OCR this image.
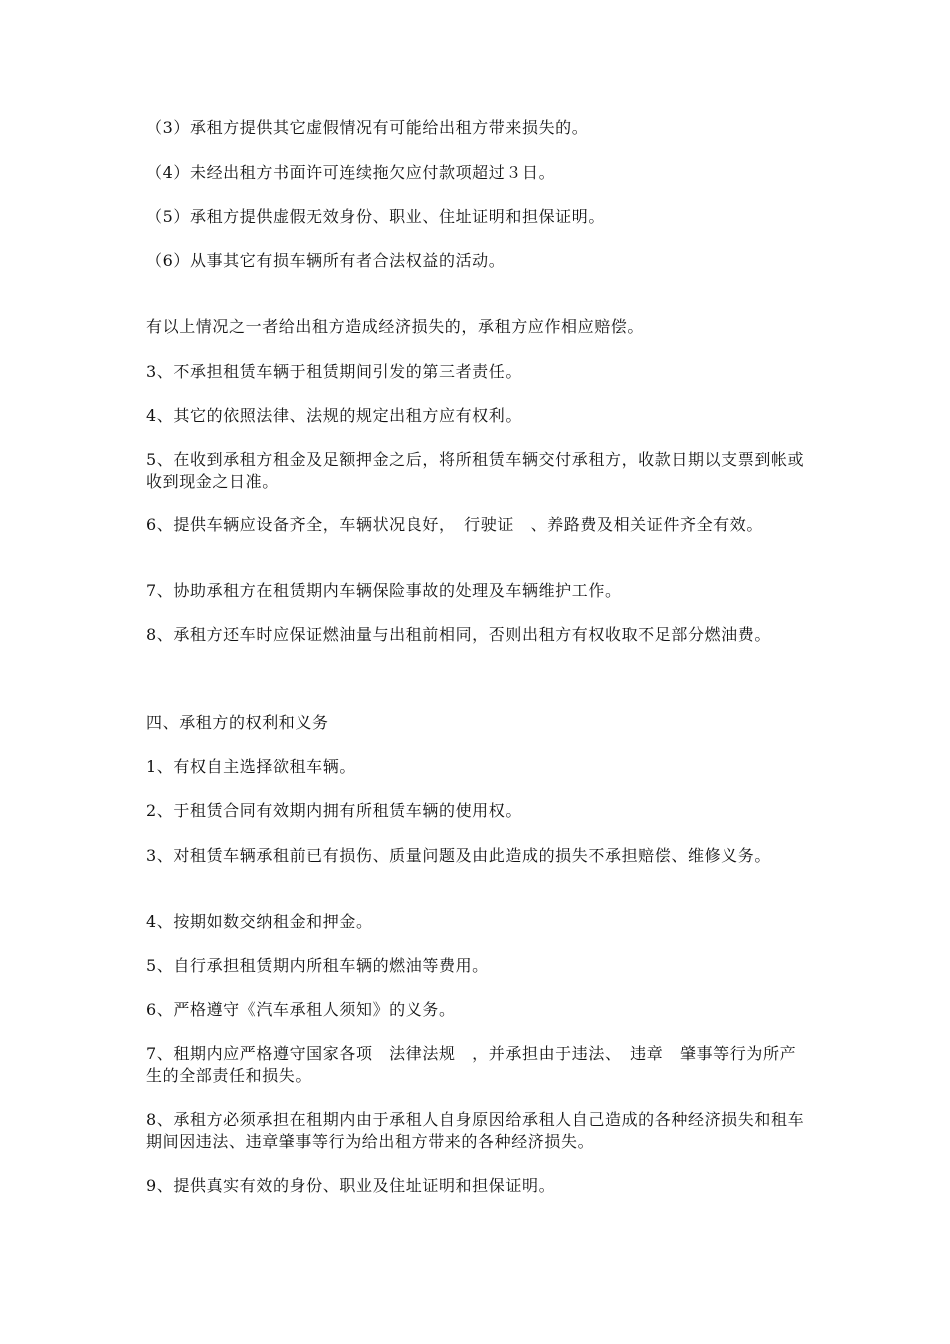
（3）承租方提供其它虚假情况有可能给出租方带来损失的。

（4）未经出租方书面许可连续拖欠应付款项超过３日。

（5）承租方提供虚假无效身份、职业、住址证明和担保证明。

（6）从事其它有损车辆所有者合法权益的活动。

有以上情况之一者给出租方造成经济损失的，承租方应作相应赔偿。

3、不承担租赁车辆于租赁期间引发的第三者责任。

4、其它的依照法律、法规的规定出租方应有权利。

5、在收到承租方租金及足额押金之后，将所租赁车辆交付承租方，收款日期以支票到帐或收到现金之日准。

6、提供车辆应设备齐全，车辆状况良好，　行驶证　、养路费及相关证件齐全有效。

7、协助承租方在租赁期内车辆保险事故的处理及车辆维护工作。

8、承租方还车时应保证燃油量与出租前相同，否则出租方有权收取不足部分燃油费。

四、承租方的权利和义务

1、有权自主选择欲租车辆。

2、于租赁合同有效期内拥有所租赁车辆的使用权。

3、对租赁车辆承租前已有损伤、质量问题及由此造成的损失不承担赔偿、维修义务。

4、按期如数交纳租金和押金。

5、自行承担租赁期内所租车辆的燃油等费用。

6、严格遵守《汽车承租人须知》的义务。

7、租期内应严格遵守国家各项　法律法规　，并承担由于违法、　违章　肇事等行为所产生的全部责任和损失。

8、承租方必须承担在租期内由于承租人自身原因给承租人自己造成的各种经济损失和租车期间因违法、违章肇事等行为给出租方带来的各种经济损失。

9、提供真实有效的身份、职业及住址证明和担保证明。
